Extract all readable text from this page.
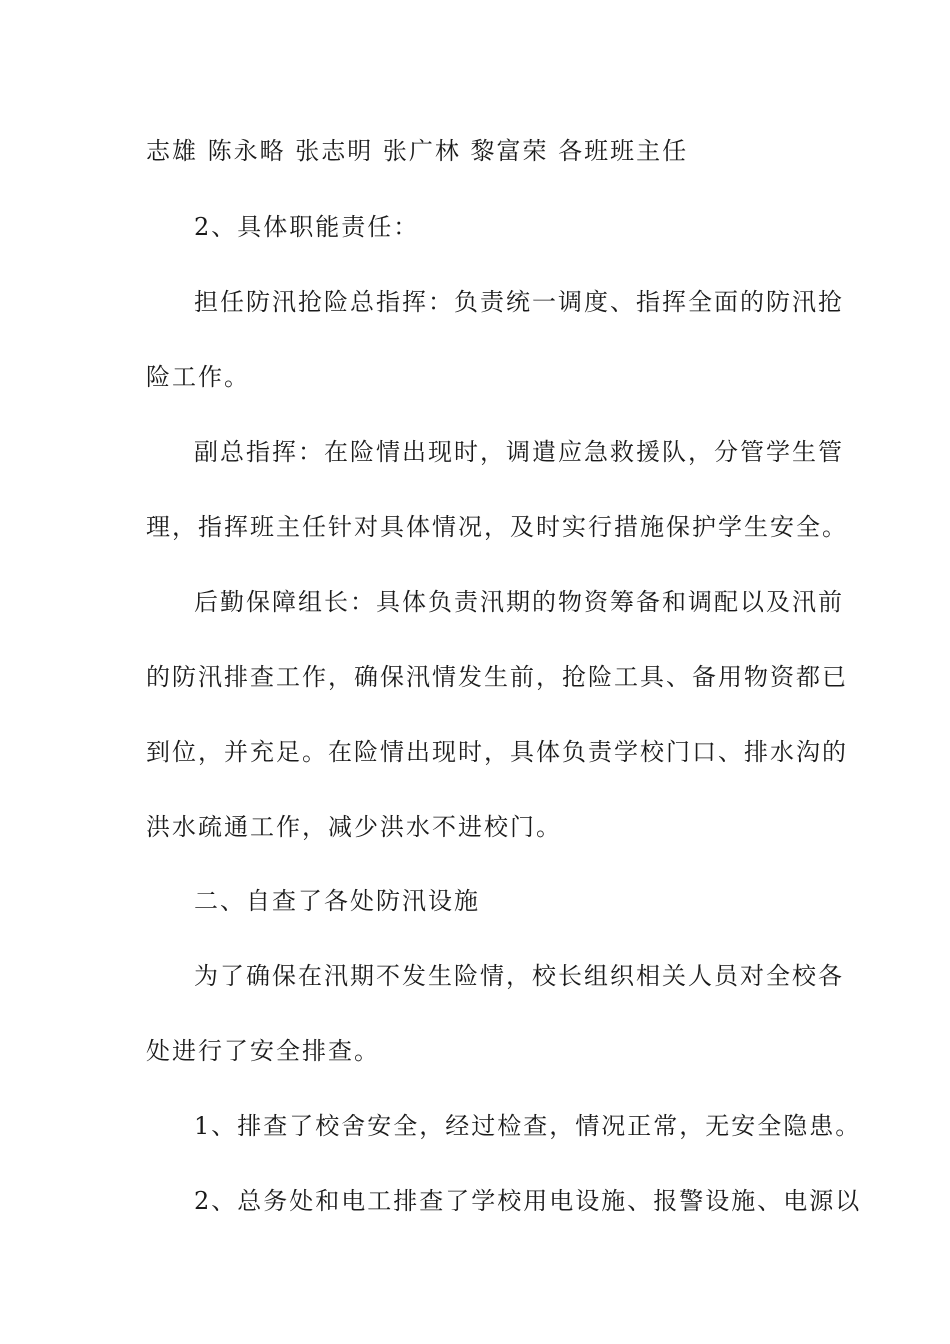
志雄 陈永略 张志明 张广林 黎富荣 各班班主任
2、具体职能责任：
担任防汛抢险总指挥：负责统一调度、指挥全面的防汛抢
险工作。
副总指挥：在险情出现时，调遣应急救援队，分管学生管
理，指挥班主任针对具体情况，及时实行措施保护学生安全。
后勤保障组长：具体负责汛期的物资筹备和调配以及汛前
的防汛排查工作，确保汛情发生前，抢险工具、备用物资都已
到位，并充足。在险情出现时，具体负责学校门口、排水沟的
洪水疏通工作，减少洪水不进校门。
二、自查了各处防汛设施
为了确保在汛期不发生险情，校长组织相关人员对全校各
处进行了安全排查。
1、排查了校舍安全，经过检查，情况正常，无安全隐患。
2、总务处和电工排查了学校用电设施、报警设施、电源以
